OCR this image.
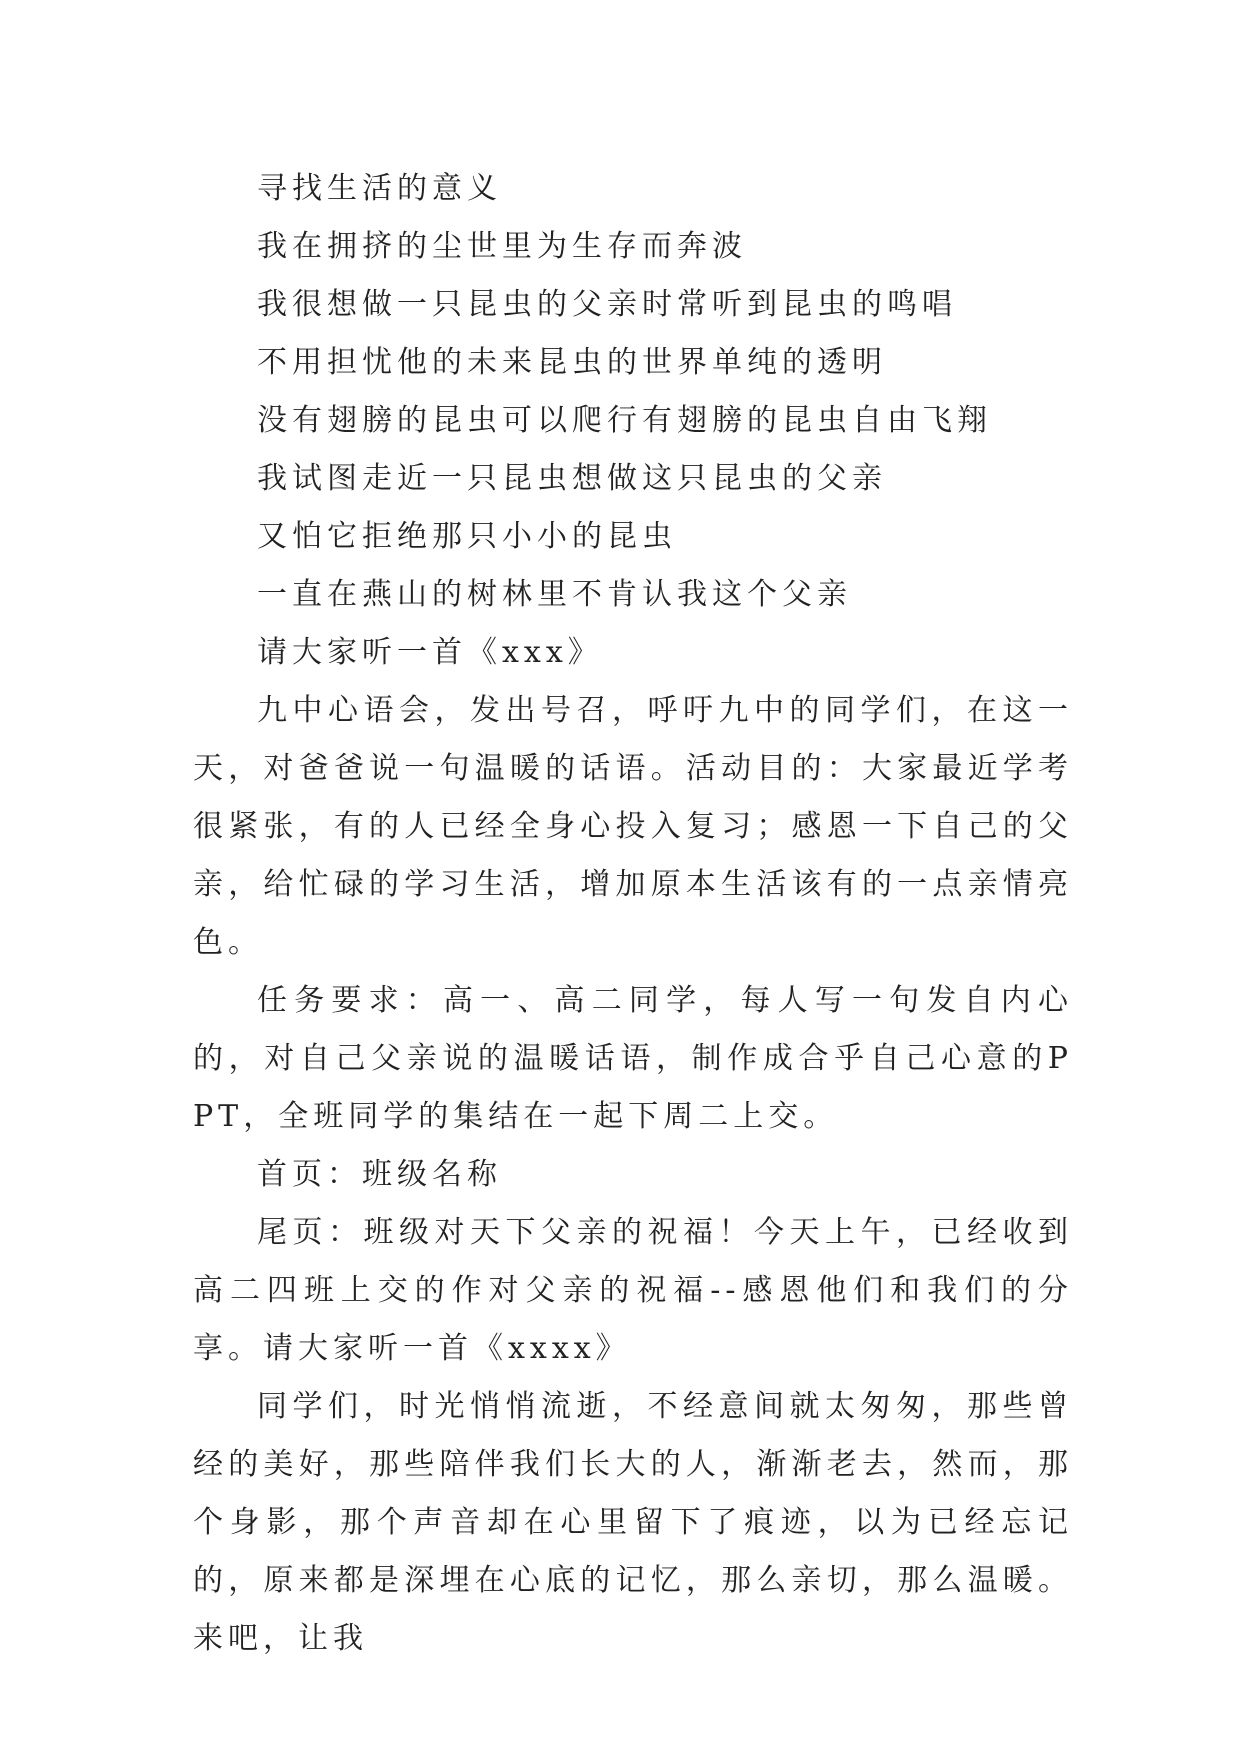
寻找生活的意义

我在拥挤的尘世里为生存而奔波

我很想做一只昆虫的父亲时常听到昆虫的鸣唱

不用担忧他的未来昆虫的世界单纯的透明

没有翅膀的昆虫可以爬行有翅膀的昆虫自由飞翔

我试图走近一只昆虫想做这只昆虫的父亲

又怕它拒绝那只小小的昆虫

一直在燕山的树林里不肯认我这个父亲

请大家听一首《xxx》

九中心语会，发出号召，呼吁九中的同学们，在这一天，对爸爸说一句温暖的话语。活动目的：大家最近学考很紧张，有的人已经全身心投入复习；感恩一下自己的父亲，给忙碌的学习生活，增加原本生活该有的一点亲情亮色。

任务要求：高一、高二同学，每人写一句发自内心的，对自己父亲说的温暖话语，制作成合乎自己心意的PPT，全班同学的集结在一起下周二上交。

首页：班级名称

尾页：班级对天下父亲的祝福！今天上午，已经收到高二四班上交的作对父亲的祝福--感恩他们和我们的分享。请大家听一首《xxxx》

同学们，时光悄悄流逝，不经意间就太匆匆，那些曾经的美好，那些陪伴我们长大的人，渐渐老去，然而，那个身影，那个声音却在心里留下了痕迹，以为已经忘记的，原来都是深埋在心底的记忆，那么亲切，那么温暖。来吧，让我
